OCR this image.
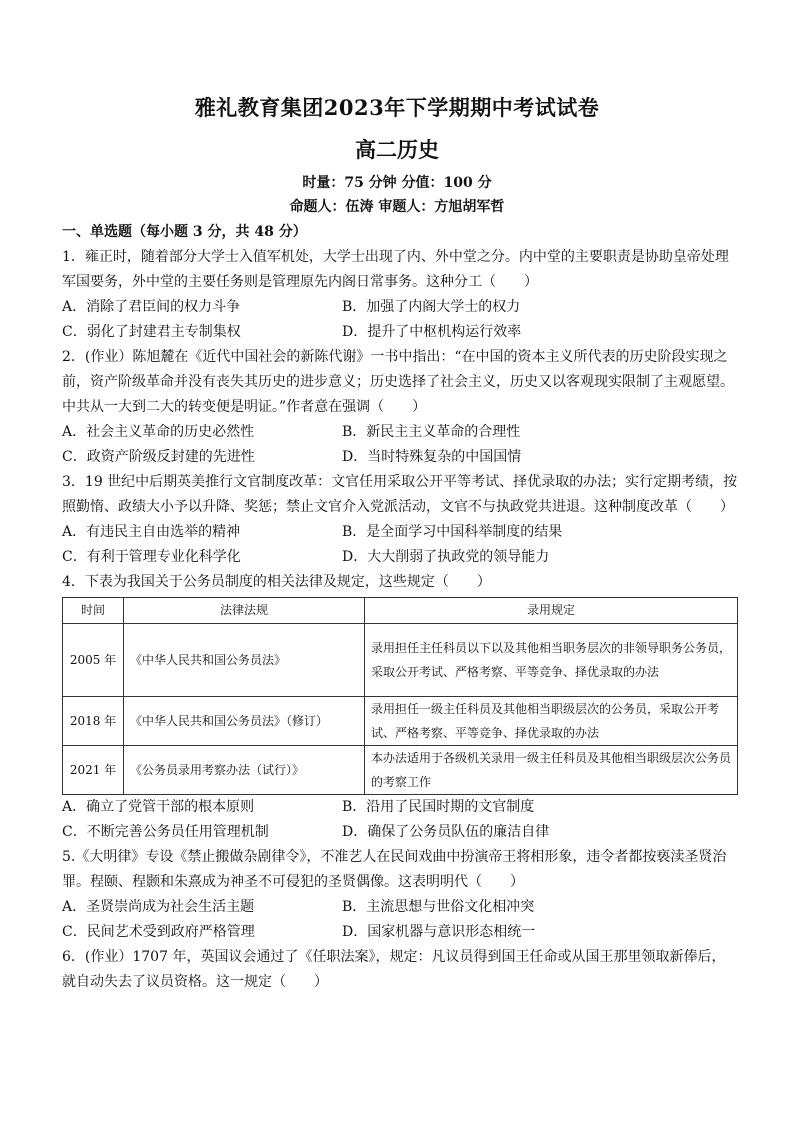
雅礼教育集团2023年下学期期中考试试卷
高二历史
时量：75 分钟 分值：100 分
命题人：伍涛 审题人：方旭胡军哲
一、单选题（每小题 3 分，共 48 分）

1．雍正时，随着部分大学士入值军机处，大学士出现了内、外中堂之分。内中堂的主要职责是协助皇帝处理军国要务，外中堂的主要任务则是管理原先内阁日常事务。这种分工（　　）

A．消除了君臣间的权力斗争	B．加强了内阁大学士的权力
C．弱化了封建君主专制集权	D．提升了中枢机构运行效率

2．(作业）陈旭麓在《近代中国社会的新陈代谢》一书中指出：“在中国的资本主义所代表的历史阶段实现之前，资产阶级革命并没有丧失其历史的进步意义；历史选择了社会主义，历史又以客观现实限制了主观愿望。中共从一大到二大的转变便是明证。”作者意在强调（　　）

A．社会主义革命的历史必然性	B．新民主主义革命的合理性
C．政资产阶级反封建的先进性	D．当时特殊复杂的中国国情

3．19 世纪中后期英美推行文官制度改革：文官任用采取公开平等考试、择优录取的办法；实行定期考绩，按照勤惰、政绩大小予以升降、奖惩；禁止文官介入党派活动，文官不与执政党共进退。这种制度改革（　　）

A．有违民主自由选举的精神	B．是全面学习中国科举制度的结果
C．有利于管理专业化科学化	D．大大削弱了执政党的领导能力

4．下表为我国关于公务员制度的相关法律及规定，这些规定（　　）

时间	法律法规	录用规定
2005 年	《中华人民共和国公务员法》	录用担任主任科员以下以及其他相当职务层次的非领导职务公务员，采取公开考试、严格考察、平等竞争、择优录取的办法
2018 年	《中华人民共和国公务员法》（修订）	录用担任一级主任科员及其他相当职级层次的公务员，采取公开考试、严格考察、平等竞争、择优录取的办法
2021 年	《公务员录用考察办法（试行）》	本办法适用于各级机关录用一级主任科员及其他相当职级层次公务员的考察工作
A．确立了党管干部的根本原则	B．沿用了民国时期的文官制度
C．不断完善公务员任用管理机制	D．确保了公务员队伍的廉洁自律

5.《大明律》专设《禁止搬做杂剧律令》，不准艺人在民间戏曲中扮演帝王将相形象，违令者都按亵渎圣贤治罪。程颐、程颢和朱熹成为神圣不可侵犯的圣贤偶像。这表明明代（　　）

A．圣贤崇尚成为社会生活主题	B．主流思想与世俗文化相冲突
C．民间艺术受到政府严格管理	D．国家机器与意识形态相统一

6．(作业）1707 年，英国议会通过了《任职法案》，规定：凡议员得到国王任命或从国王那里领取新俸后，就自动失去了议员资格。这一规定（　　）
